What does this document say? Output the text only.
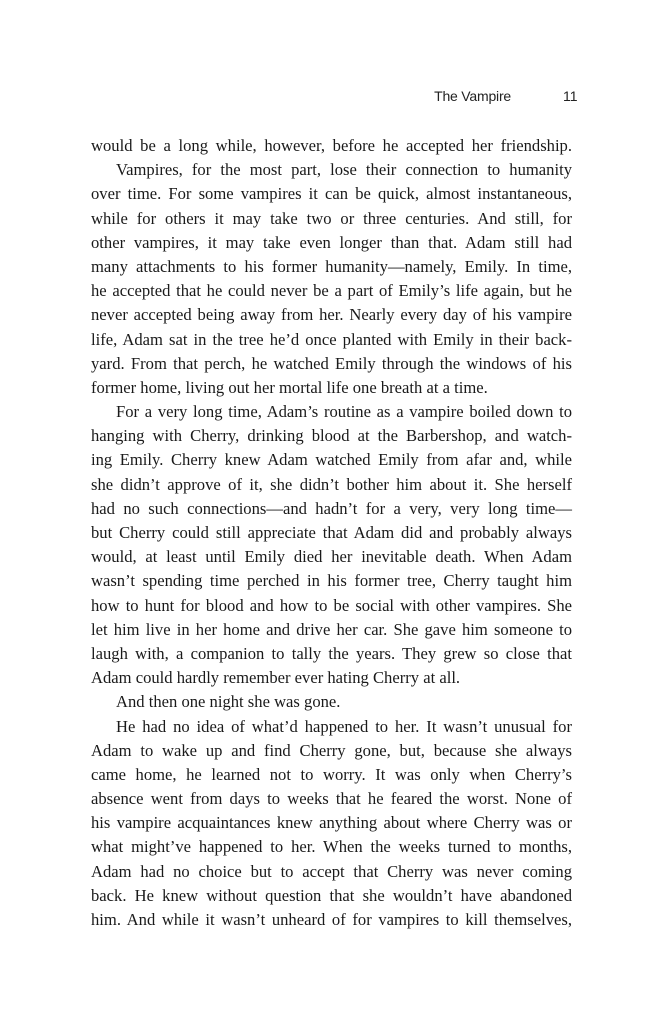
The Vampire	11
would be a long while, however, before he accepted her friendship.
Vampires, for the most part, lose their connection to humanity
over time. For some vampires it can be quick, almost instantaneous,
while for others it may take two or three centuries. And still, for
other vampires, it may take even longer than that. Adam still had
many attachments to his former humanity—namely, Emily. In time,
he accepted that he could never be a part of Emily’s life again, but he
never accepted being away from her. Nearly every day of his vampire
life, Adam sat in the tree he’d once planted with Emily in their back-
yard. From that perch, he watched Emily through the windows of his
former home, living out her mortal life one breath at a time.
For a very long time, Adam’s routine as a vampire boiled down to
hanging with Cherry, drinking blood at the Barbershop, and watch-
ing Emily. Cherry knew Adam watched Emily from afar and, while
she didn’t approve of it, she didn’t bother him about it. She herself
had no such connections—and hadn’t for a very, very long time—
but Cherry could still appreciate that Adam did and probably always
would, at least until Emily died her inevitable death. When Adam
wasn’t spending time perched in his former tree, Cherry taught him
how to hunt for blood and how to be social with other vampires. She
let him live in her home and drive her car. She gave him someone to
laugh with, a companion to tally the years. They grew so close that
Adam could hardly remember ever hating Cherry at all.
And then one night she was gone.
He had no idea of what’d happened to her. It wasn’t unusual for
Adam to wake up and find Cherry gone, but, because she always
came home, he learned not to worry. It was only when Cherry’s
absence went from days to weeks that he feared the worst. None of
his vampire acquaintances knew anything about where Cherry was or
what might’ve happened to her. When the weeks turned to months,
Adam had no choice but to accept that Cherry was never coming
back. He knew without question that she wouldn’t have abandoned
him. And while it wasn’t unheard of for vampires to kill themselves,
